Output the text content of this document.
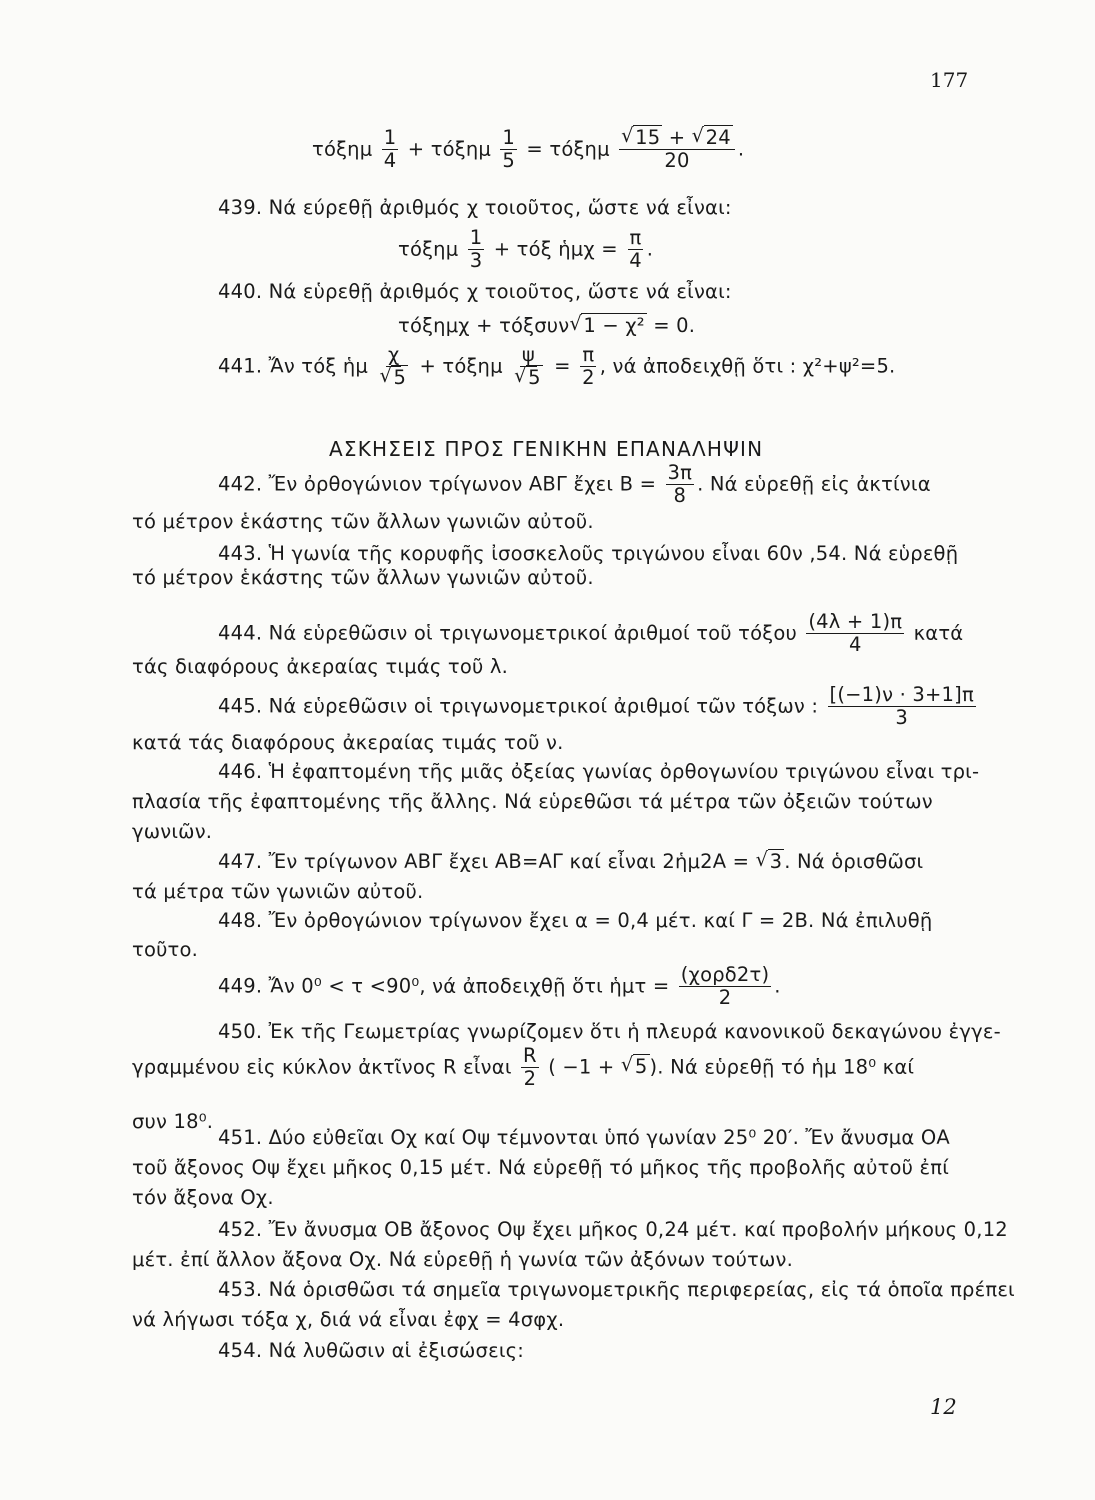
177
τόξημ $\frac{1}{4} + \tau ό\xi\eta\mu \frac{1}{5} = \tau ό\xi\eta\mu \frac{√ 15 + √ 24}{20}$ .
439. Νά εύρεθῇ ἀριθμός χ τοιοῦτος, ὥστε νά εἶναι:
τόξημ $\frac{1}{3} + \tau ό\xi$ ἡμχ = $\frac{\pi}{4}$ .
440. Νά εὑρεθῇ ἀριθμός χ τοιοῦτος, ὥστε νά εἶναι:
τόξημχ + τόξσυν √ 1 − χ² = 0.
441. Ἄν τόξ ἡμ $\frac{\chi}{√ 5} + \tau ό\xi\eta\mu \frac{\psi}{√ 5} = \frac{\pi}{2}$ , νά ἀποδειχθῇ ὅτι : χ²+ψ²=5.
ΑΣΚΗΣΕΙΣ ΠΡΟΣ ΓΕΝΙΚΗΝ ΕΠΑΝΑΛΗΨΙΝ
442. Ἔν ὀρθογώνιον τρίγωνον ΑΒΓ ἔχει $B = \frac{3\pi}{8}$ . Νά εὑρεθῇ εἰς ἀκτίνια
τό μέτρον ἑκάστης τῶν ἄλλων γωνιῶν αὐτοῦ.
443. Ἡ γωνία τῆς κορυφῆς ἰσοσκελοῦς τριγώνου εἶναι 60ν ,54. Νά εὑρεθῇ
τό μέτρον ἑκάστης τῶν ἄλλων γωνιῶν αὐτοῦ.
444. Νά εὑρεθῶσιν οἱ τριγωνομετρικοί ἀριθμοί τοῦ τόξου $\frac{(4\lambda + 1)\pi}{4}$ κατά
τάς διαφόρους ἀκεραίας τιμάς τοῦ λ.
445. Νά εὑρεθῶσιν οἱ τριγωνομετρικοί ἀριθμοί τῶν τόξων : $\frac{[(-1)\nu \cdot 3+1]\pi}{3}$
κατά τάς διαφόρους ἀκεραίας τιμάς τοῦ ν.
446. Ἡ ἐφαπτομένη τῆς μιᾶς ὀξείας γωνίας ὀρθογωνίου τριγώνου εἶναι τρι-
πλασία τῆς ἐφαπτομένης τῆς ἄλλης. Νά εὑρεθῶσι τά μέτρα τῶν ὀξειῶν τούτων
γωνιῶν.
447. Ἔν τρίγωνον ΑΒΓ ἔχει ΑΒ=ΑΓ καί εἶναι 2ἡμ2Α = √ 3 . Νά ὁρισθῶσι
τά μέτρα τῶν γωνιῶν αὐτοῦ.
448. Ἔν ὀρθογώνιον τρίγωνον ἔχει α = 0,4 μέτ. καί Γ = 2Β. Νά ἐπιλυθῇ
τοῦτο.
449. Ἄν 0⁰ < τ <90⁰, νά ἀποδειχθῇ ὅτι ἡμτ = $\frac{\text{(χορδ2τ)}}{2}$ .
450. Ἐκ τῆς Γεωμετρίας γνωρίζομεν ὅτι ἡ πλευρά κανονικοῦ δεκαγώνου ἐγγε-
γραμμένου εἰς κύκλον ἀκτῖνος R εἶναι $\frac{R}{2}$ ( −1 + √ 5 ). Νά εὑρεθῇ τό ἡμ 18⁰ καί
συν 18⁰.
451. Δύο εὐθεῖαι Οχ καί Οψ τέμνονται ὑπό γωνίαν 25⁰ 20′. Ἔν ἄνυσμα ΟΑ
τοῦ ἄξονος Οψ ἔχει μῆκος 0,15 μέτ. Νά εὑρεθῇ τό μῆκος τῆς προβολῆς αὐτοῦ ἐπί
τόν ἄξονα Οχ.
452. Ἔν ἄνυσμα ΟΒ ἄξονος Οψ ἔχει μῆκος 0,24 μέτ. καί προβολήν μήκους 0,12
μέτ. ἐπί ἄλλον ἄξονα Οχ. Νά εὑρεθῇ ἡ γωνία τῶν ἀξόνων τούτων.
453. Νά ὁρισθῶσι τά σημεῖα τριγωνομετρικῆς περιφερείας, εἰς τά ὁποῖα πρέπει
νά λήγωσι τόξα χ, διά νά εἶναι ἐφχ = 4σφχ.
454. Νά λυθῶσιν αἱ ἐξισώσεις:
12
